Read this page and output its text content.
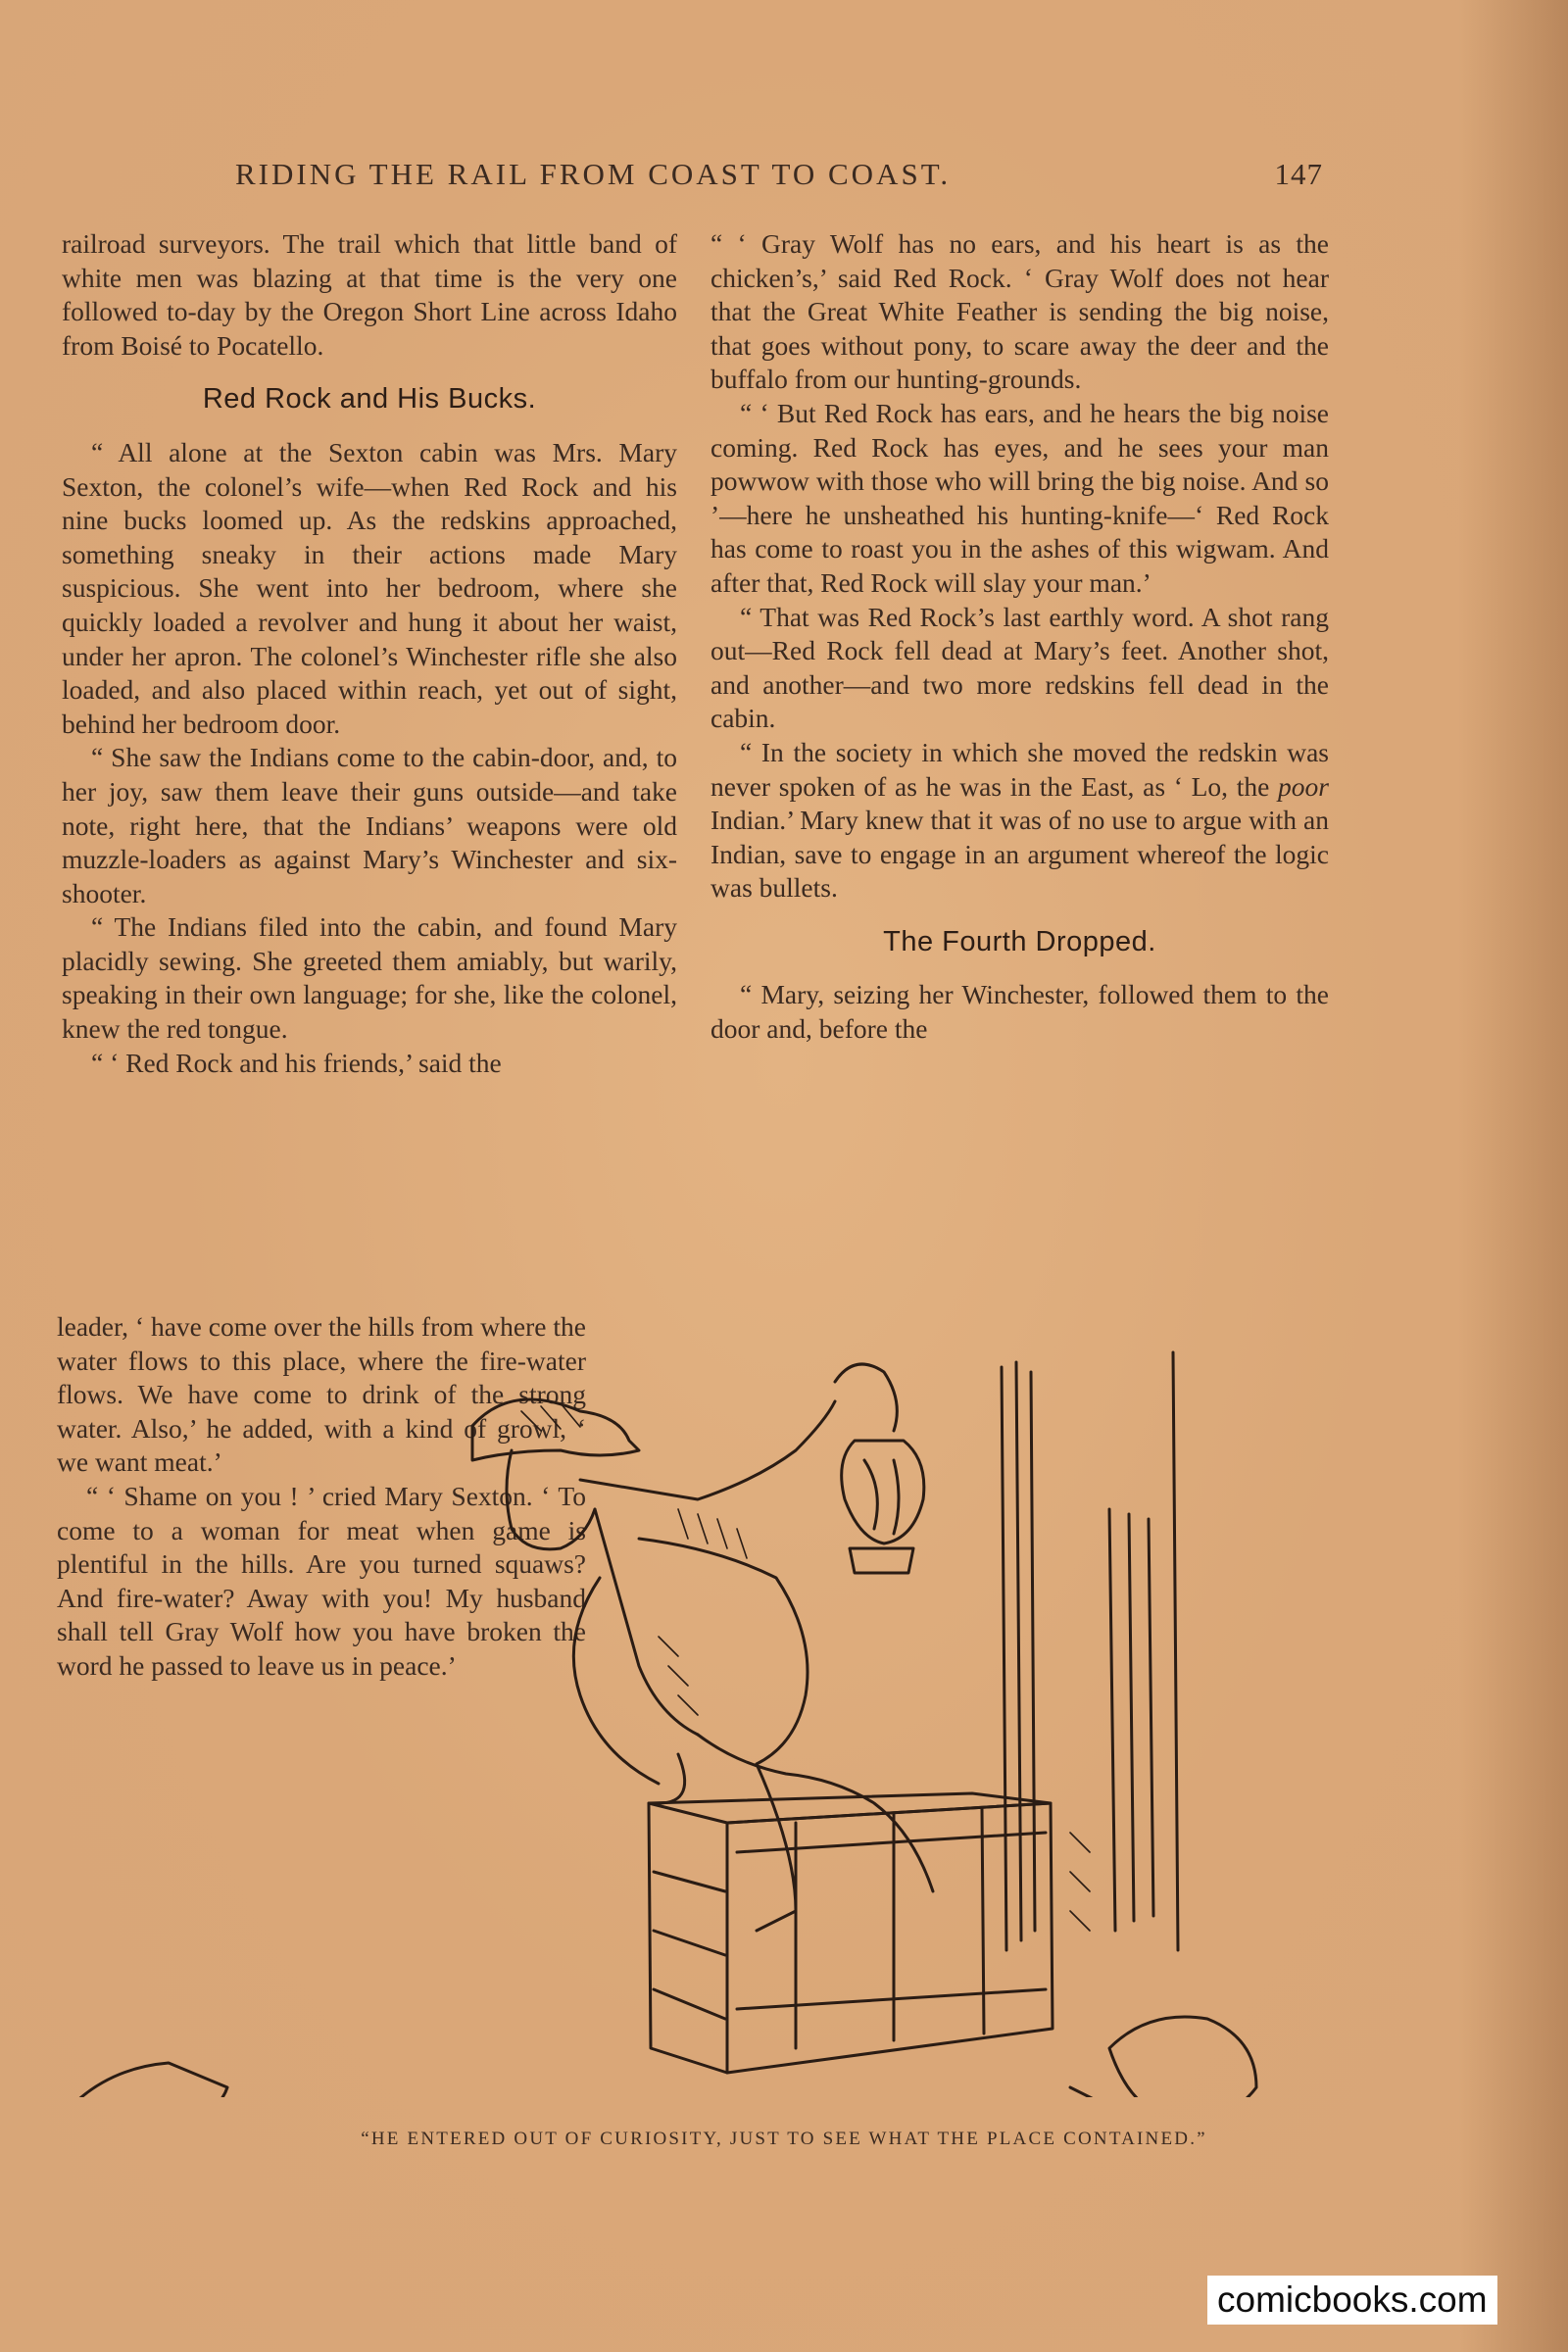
RIDING THE RAIL FROM COAST TO COAST.	147

railroad surveyors. The trail which that little band of white men was blazing at that time is the very one followed to-day by the Oregon Short Line across Idaho from Boisé to Pocatello.

Red Rock and His Bucks.

“ All alone at the Sexton cabin was Mrs. Mary Sexton, the colonel’s wife—when Red Rock and his nine bucks loomed up. As the redskins approached, something sneaky in their actions made Mary suspicious. She went into her bedroom, where she quickly loaded a revolver and hung it about her waist, under her apron. The colonel’s Winchester rifle she also loaded, and also placed within reach, yet out of sight, behind her bedroom door.

“ She saw the Indians come to the cabin-door, and, to her joy, saw them leave their guns outside—and take note, right here, that the Indians’ weapons were old muzzle-loaders as against Mary’s Winchester and six-shooter.

“ The Indians filed into the cabin, and found Mary placidly sewing. She greeted them amiably, but warily, speaking in their own language; for she, like the colonel, knew the red tongue.

“ ‘ Red Rock and his friends,’ said the

leader, ‘ have come over the hills from where the water flows to this place, where the fire-water flows. We have come to drink of the strong water. Also,’ he added, with a kind of growl, ‘ we want meat.’

“ ‘ Shame on you ! ’ cried Mary Sexton. ‘ To come to a woman for meat when game is plentiful in the hills. Are you turned squaws? And fire-water? Away with you! My husband shall tell Gray Wolf how you have broken the word he passed to leave us in peace.’

“ ‘ Gray Wolf has no ears, and his heart is as the chicken’s,’ said Red Rock. ‘ Gray Wolf does not hear that the Great White Feather is sending the big noise, that goes without pony, to scare away the deer and the buffalo from our hunting-grounds.

“ ‘ But Red Rock has ears, and he hears the big noise coming. Red Rock has eyes, and he sees your man powwow with those who will bring the big noise. And so ’—here he unsheathed his hunting-knife—‘ Red Rock has come to roast you in the ashes of this wigwam. And after that, Red Rock will slay your man.’

“ That was Red Rock’s last earthly word. A shot rang out—Red Rock fell dead at Mary’s feet. Another shot, and another—and two more redskins fell dead in the cabin.

“ In the society in which she moved the redskin was never spoken of as he was in the East, as ‘ Lo, the poor Indian.’ Mary knew that it was of no use to argue with an Indian, save to engage in an argument whereof the logic was bullets.

The Fourth Dropped.

“ Mary, seizing her Winchester, followed them to the door and, before the

“HE ENTERED OUT OF CURIOSITY, JUST TO SEE WHAT THE PLACE CONTAINED.”
comicbooks.com
